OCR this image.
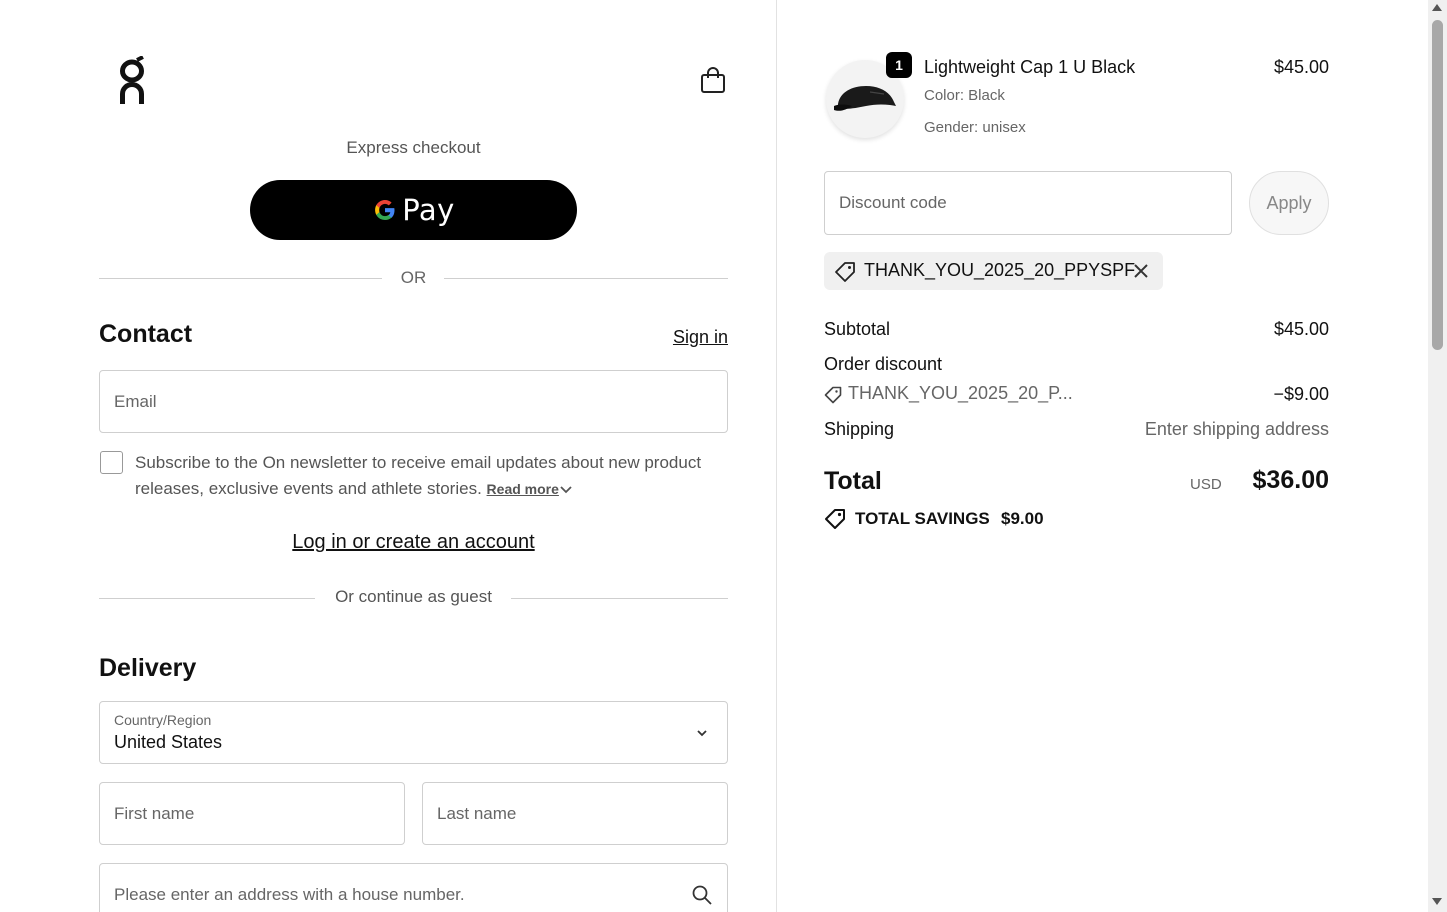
Express checkout
Pay
OR
Contact	Sign in
Email
Subscribe to the On newsletter to receive email updates about new product releases, exclusive events and athlete stories. Read more
Log in or create an account
Or continue as guest
Delivery
Country/Region
United States
First name	Last name
Please enter an address with a house number.
1	Lightweight Cap 1 U Black
Color: Black
Gender: unisex
$45.00
Discount code	Apply
THANK_YOU_2025_20_PPYSPF
Subtotal	$45.00
Order discount
THANK_YOU_2025_20_P...	−$9.00
Shipping	Enter shipping address
Total	USD	$36.00
TOTAL SAVINGS $9.00
